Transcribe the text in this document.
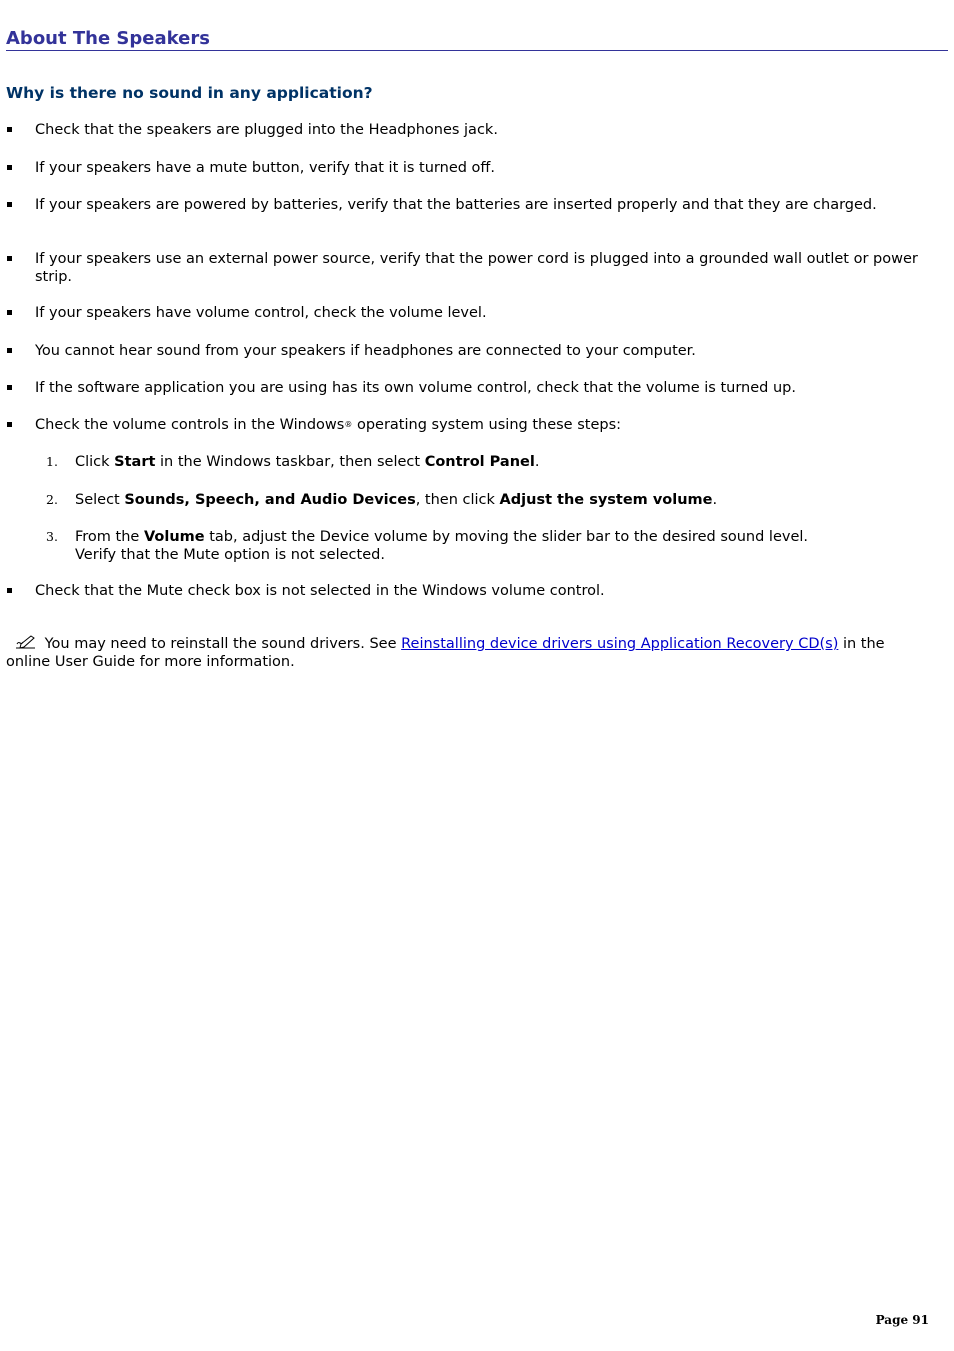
About The Speakers
Why is there no sound in any application?
Check that the speakers are plugged into the Headphones jack.
If your speakers have a mute button, verify that it is turned off.
If your speakers are powered by batteries, verify that the batteries are inserted properly and that they are charged.
If your speakers use an external power source, verify that the power cord is plugged into a grounded wall outlet or power strip.
If your speakers have volume control, check the volume level.
You cannot hear sound from your speakers if headphones are connected to your computer.
If the software application you are using has its own volume control, check that the volume is turned up.
Check the volume controls in the Windows® operating system using these steps:
1. Click Start in the Windows taskbar, then select Control Panel.
2. Select Sounds, Speech, and Audio Devices, then click Adjust the system volume.
3. From the Volume tab, adjust the Device volume by moving the slider bar to the desired sound level.
Verify that the Mute option is not selected.
Check that the Mute check box is not selected in the Windows volume control.
You may need to reinstall the sound drivers. See Reinstalling device drivers using Application Recovery CD(s) in the online User Guide for more information.
Page 91
